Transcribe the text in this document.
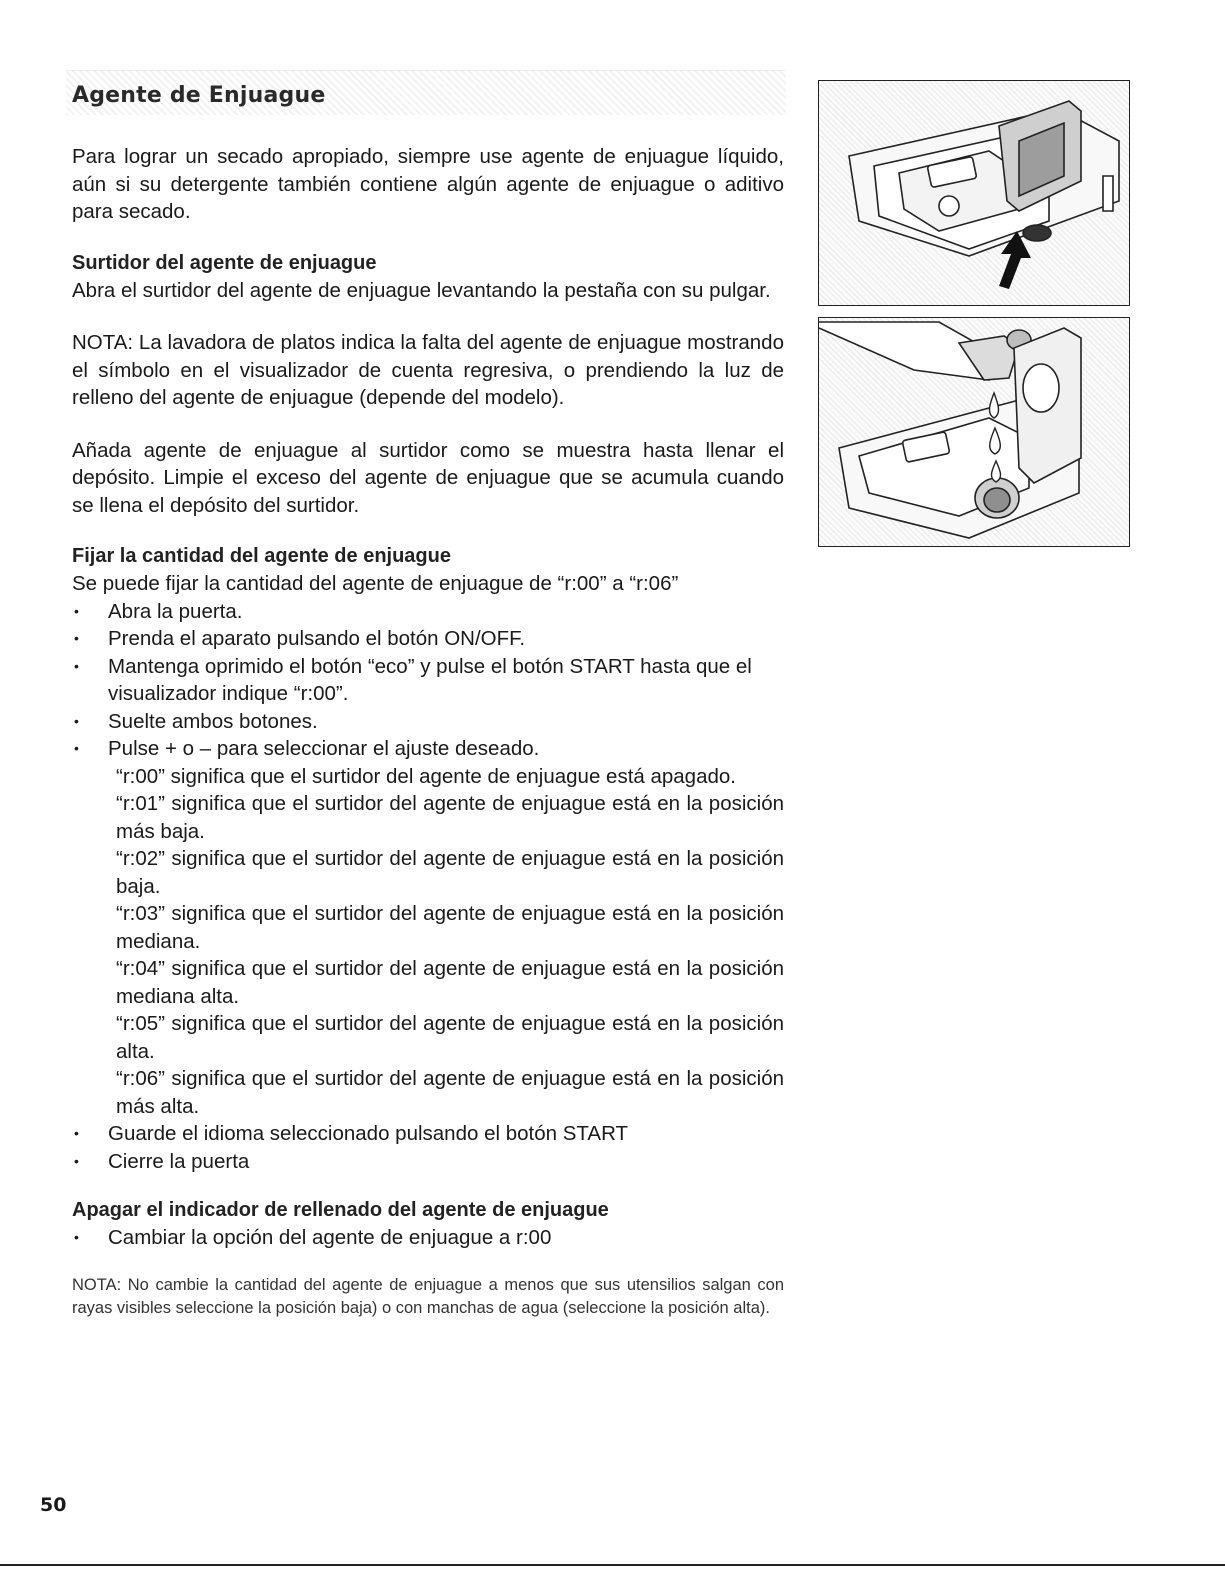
Agente de Enjuague

Para lograr un secado apropiado, siempre use agente de enjuague líquido, aún si su detergente también contiene algún agente de enjuague o aditivo para secado.

Surtidor del agente de enjuague

Abra el surtidor del agente de enjuague levantando la pestaña con su pulgar.

NOTA: La lavadora de platos indica la falta del agente de enjuague mostrando el símbolo en el visualizador de cuenta regresiva, o prendiendo la luz de relleno del agente de enjuague (depende del modelo).

Añada agente de enjuague al surtidor como se muestra hasta llenar el depósito. Limpie el exceso del agente de enjuague que se acumula cuando se llena el depósito del surtidor.

Fijar la cantidad del agente de enjuague

Se puede fijar la cantidad del agente de enjuague de “r:00” a “r:06”

• Abra la puerta.
• Prenda el aparato pulsando el botón ON/OFF.
• Mantenga oprimido el botón “eco” y pulse el botón START hasta que el visualizador indique “r:00”.
• Suelte ambos botones.
• Pulse + o – para seleccionar el ajuste deseado.
“r:00” significa que el surtidor del agente de enjuague está apagado.
“r:01” significa que el surtidor del agente de enjuague está en la posición más baja.
“r:02” significa que el surtidor del agente de enjuague está en la posición baja.
“r:03” significa que el surtidor del agente de enjuague está en la posición mediana.
“r:04” significa que el surtidor del agente de enjuague está en la posición mediana alta.
“r:05” significa que el surtidor del agente de enjuague está en la posición alta.
“r:06” significa que el surtidor del agente de enjuague está en la posición más alta.
• Guarde el idioma seleccionado pulsando el botón START
• Cierre la puerta
Apagar el indicador de rellenado del agente de enjuague
• Cambiar la opción del agente de enjuague a r:00

NOTA: No cambie la cantidad del agente de enjuague a menos que sus utensilios salgan con rayas visibles seleccione la posición baja) o con manchas de agua (seleccione la posición alta).

50
